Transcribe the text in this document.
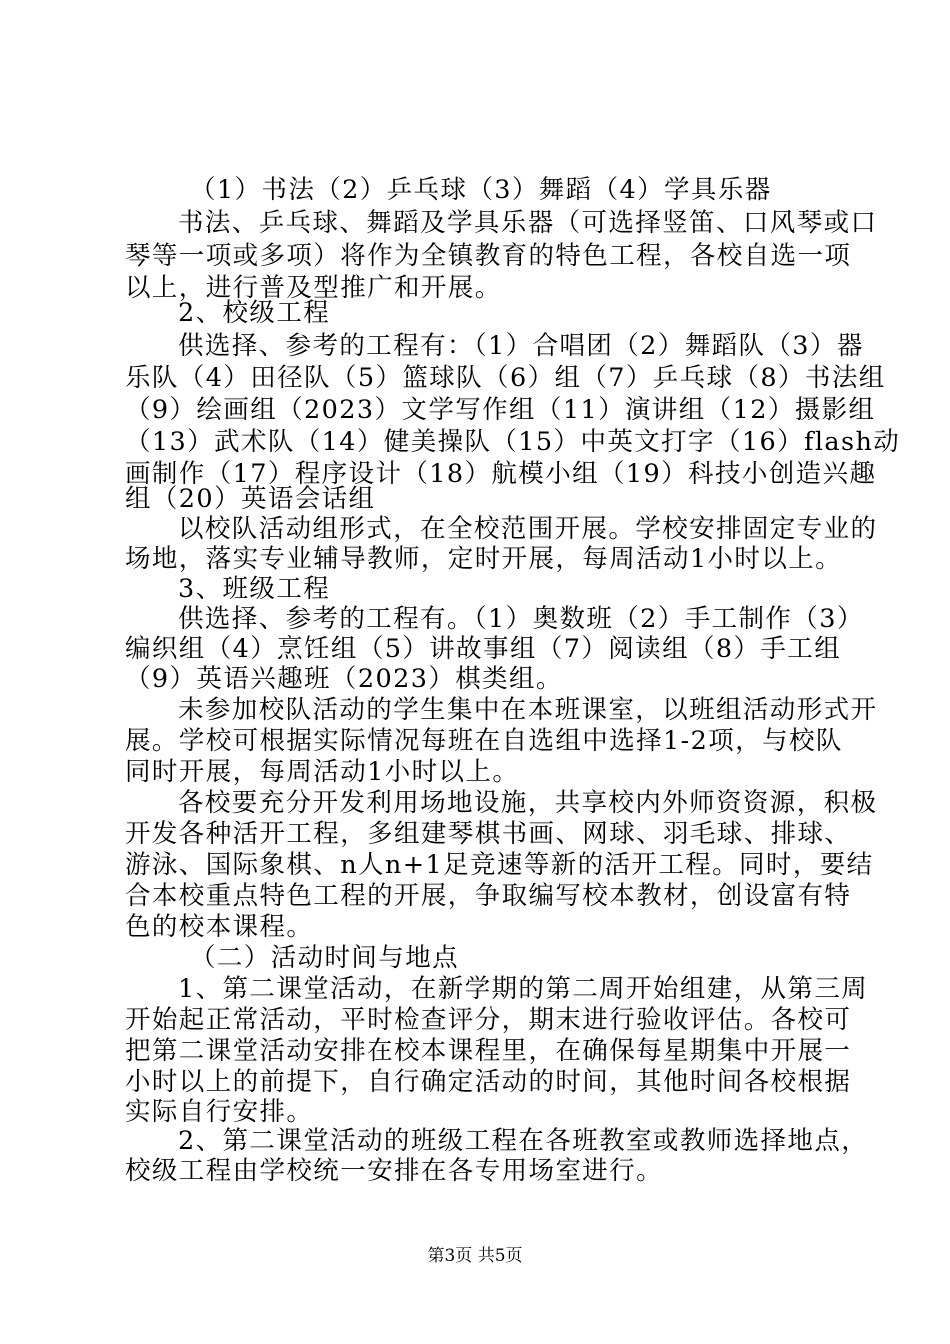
（1）书法（2）乒乓球（3）舞蹈（4）学具乐器
书法、乒乓球、舞蹈及学具乐器（可选择竖笛、口风琴或口
琴等一项或多项）将作为全镇教育的特色工程，各校自选一项
以上，进行普及型推广和开展。
2、校级工程
供选择、参考的工程有：（1）合唱团（2）舞蹈队（3）器
乐队（4）田径队（5）篮球队（6）组（7）乒乓球（8）书法组
（9）绘画组（2023）文学写作组（11）演讲组（12）摄影组
（13）武术队（14）健美操队（15）中英文打字（16）flash动
画制作（17）程序设计（18）航模小组（19）科技小创造兴趣
组（20）英语会话组
以校队活动组形式，在全校范围开展。学校安排固定专业的
场地，落实专业辅导教师，定时开展，每周活动1小时以上。
3、班级工程
供选择、参考的工程有。（1）奥数班（2）手工制作（3）
编织组（4）烹饪组（5）讲故事组（7）阅读组（8）手工组
（9）英语兴趣班（2023）棋类组。
未参加校队活动的学生集中在本班课室，以班组活动形式开
展。学校可根据实际情况每班在自选组中选择1-2项，与校队
同时开展，每周活动1小时以上。
各校要充分开发利用场地设施，共享校内外师资资源，积极
开发各种活开工程，多组建琴棋书画、网球、羽毛球、排球、
游泳、国际象棋、n人n+1足竞速等新的活开工程。同时，要结
合本校重点特色工程的开展，争取编写校本教材，创设富有特
色的校本课程。
（二）活动时间与地点
1、第二课堂活动，在新学期的第二周开始组建，从第三周
开始起正常活动，平时检查评分，期末进行验收评估。各校可
把第二课堂活动安排在校本课程里，在确保每星期集中开展一
小时以上的前提下，自行确定活动的时间，其他时间各校根据
实际自行安排。
2、第二课堂活动的班级工程在各班教室或教师选择地点，
校级工程由学校统一安排在各专用场室进行。
第3页 共5页
